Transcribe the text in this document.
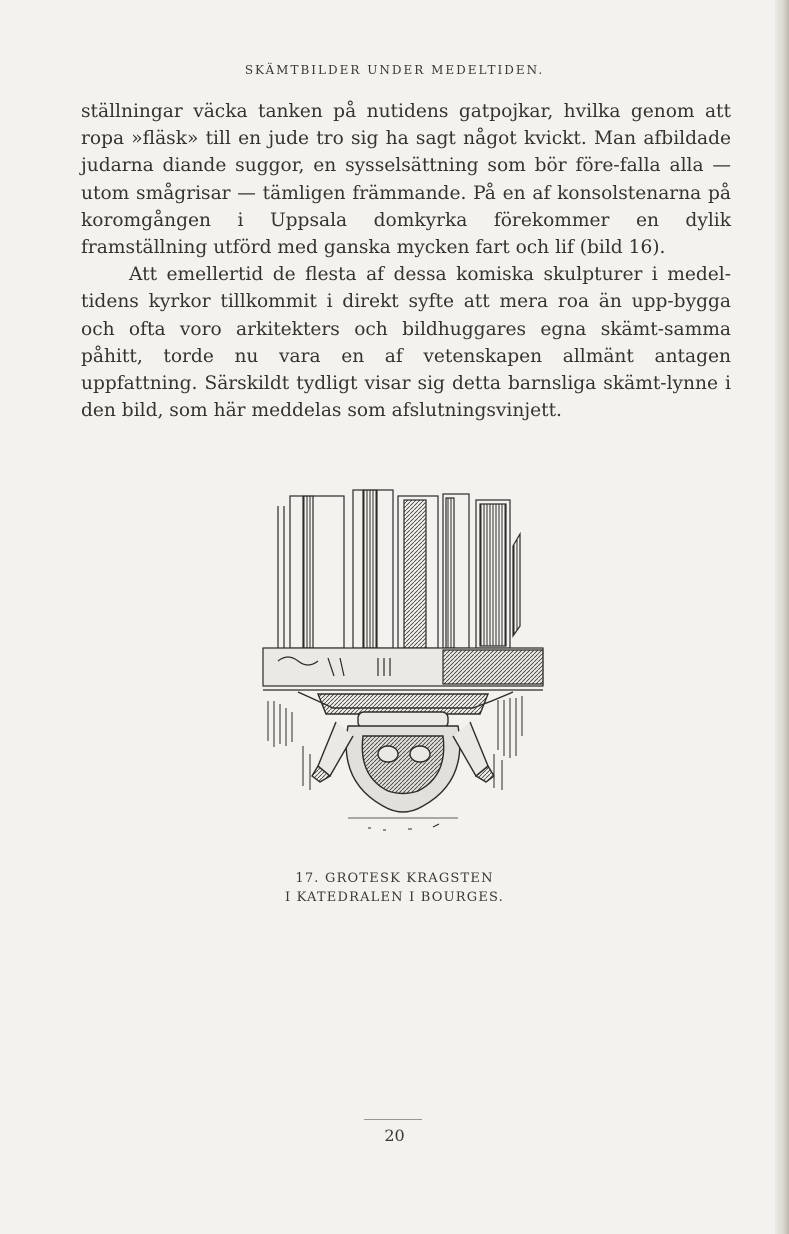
SKÄMTBILDER UNDER MEDELTIDEN.

ställningar väcka tanken på nutidens gatpojkar, hvilka genom att ropa »fläsk» till en jude tro sig ha sagt något kvickt. Man afbildade judarna diande suggor, en sysselsättning som bör före-falla alla — utom smågrisar — tämligen främmande. På en af konsolstenarna på koromgången i Uppsala domkyrka förekommer en dylik framställning utförd med ganska mycken fart och lif (bild 16).

Att emellertid de flesta af dessa komiska skulpturer i medel-tidens kyrkor tillkommit i direkt syfte att mera roa än upp-bygga och ofta voro arkitekters och bildhuggares egna skämt-samma påhitt, torde nu vara en af vetenskapen allmänt antagen uppfattning. Särskildt tydligt visar sig detta barnsliga skämt-lynne i den bild, som här meddelas som afslutningsvinjett.

17. GROTESK KRAGSTEN
I KATEDRALEN I BOURGES.
20
